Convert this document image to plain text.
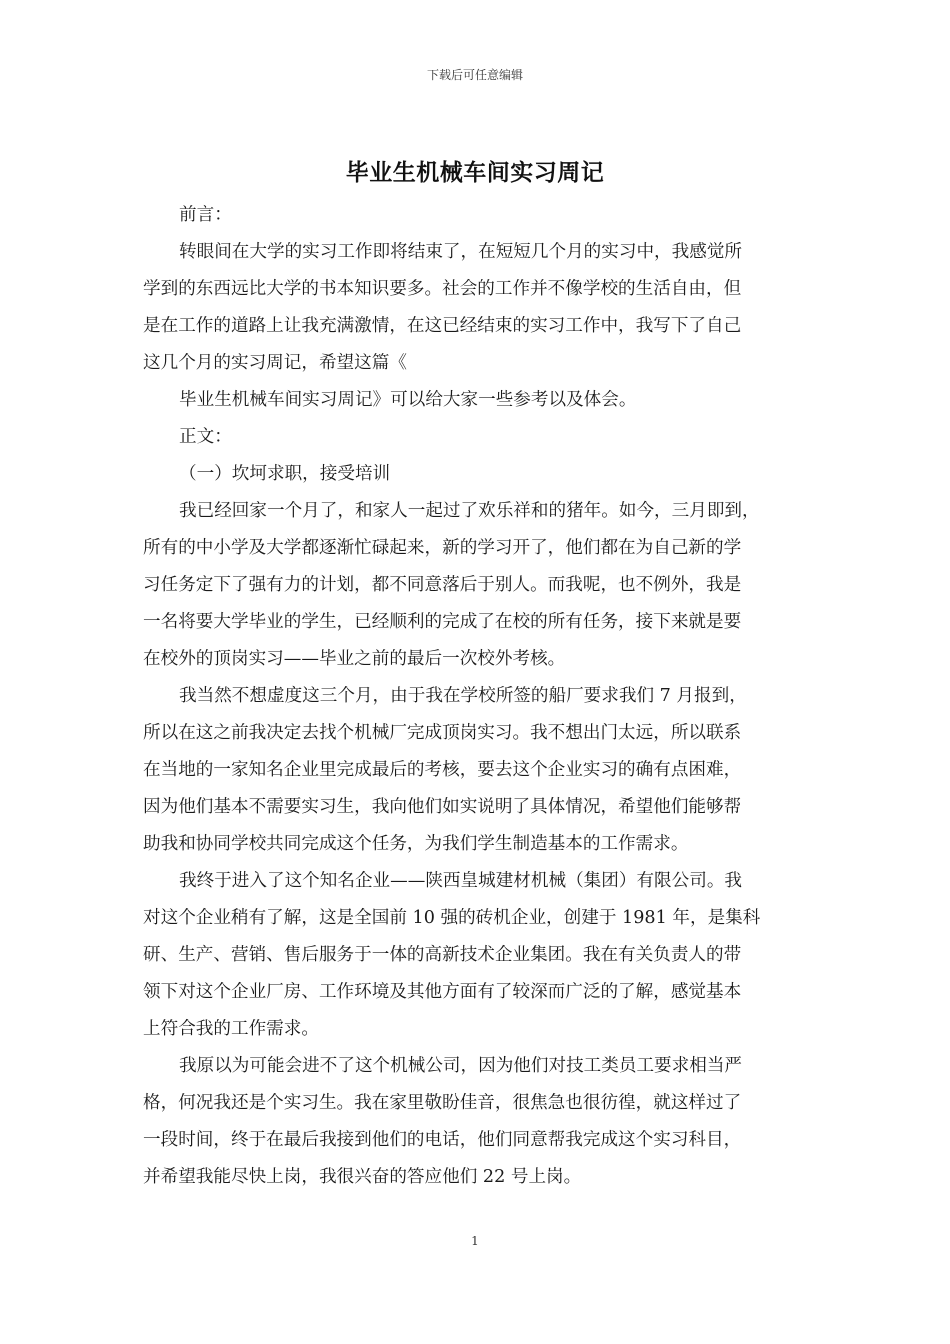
下载后可任意编辑
毕业生机械车间实习周记
前言：
转眼间在大学的实习工作即将结束了，在短短几个月的实习中，我感觉所
学到的东西远比大学的书本知识要多。社会的工作并不像学校的生活自由，但
是在工作的道路上让我充满激情，在这已经结束的实习工作中，我写下了自己
这几个月的实习周记，希望这篇《
毕业生机械车间实习周记》可以给大家一些参考以及体会。
正文：
（一）坎坷求职，接受培训
我已经回家一个月了，和家人一起过了欢乐祥和的猪年。如今，三月即到，
所有的中小学及大学都逐渐忙碌起来，新的学习开了，他们都在为自己新的学
习任务定下了强有力的计划，都不同意落后于别人。而我呢，也不例外，我是
一名将要大学毕业的学生，已经顺利的完成了在校的所有任务，接下来就是要
在校外的顶岗实习——毕业之前的最后一次校外考核。
我当然不想虚度这三个月，由于我在学校所签的船厂要求我们 7 月报到，
所以在这之前我决定去找个机械厂完成顶岗实习。我不想出门太远，所以联系
在当地的一家知名企业里完成最后的考核，要去这个企业实习的确有点困难，
因为他们基本不需要实习生，我向他们如实说明了具体情况，希望他们能够帮
助我和协同学校共同完成这个任务，为我们学生制造基本的工作需求。
我终于进入了这个知名企业——陕西皇城建材机械（集团）有限公司。我
对这个企业稍有了解，这是全国前 10 强的砖机企业，创建于 1981 年，是集科
研、生产、营销、售后服务于一体的高新技术企业集团。我在有关负责人的带
领下对这个企业厂房、工作环境及其他方面有了较深而广泛的了解，感觉基本
上符合我的工作需求。
我原以为可能会进不了这个机械公司，因为他们对技工类员工要求相当严
格，何况我还是个实习生。我在家里敬盼佳音，很焦急也很彷徨，就这样过了
一段时间，终于在最后我接到他们的电话，他们同意帮我完成这个实习科目，
并希望我能尽快上岗，我很兴奋的答应他们 22 号上岗。
1
